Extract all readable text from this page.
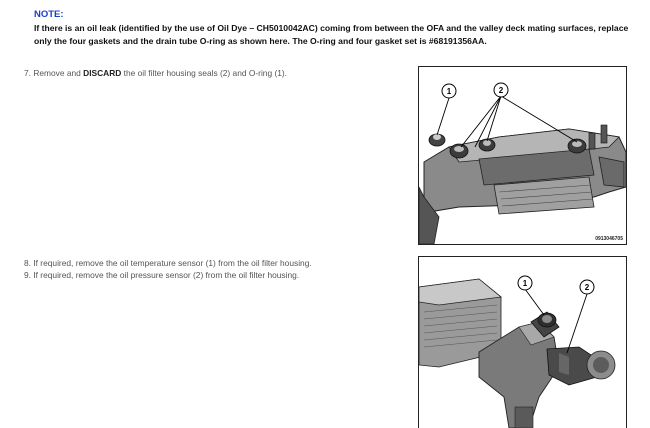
NOTE:
If there is an oil leak (identified by the use of Oil Dye – CH5010042AC) coming from between the OFA and the valley deck mating surfaces, replace only the four gaskets and the drain tube O-ring as shown here. The O-ring and four gasket set is #68191356AA.
7. Remove and DISCARD the oil filter housing seals (2) and O-ring (1).
8. If required, remove the oil temperature sensor (1) from the oil filter housing.
9. If required, remove the oil pressure sensor (2) from the oil filter housing.
1	2
0913046705
1	2
